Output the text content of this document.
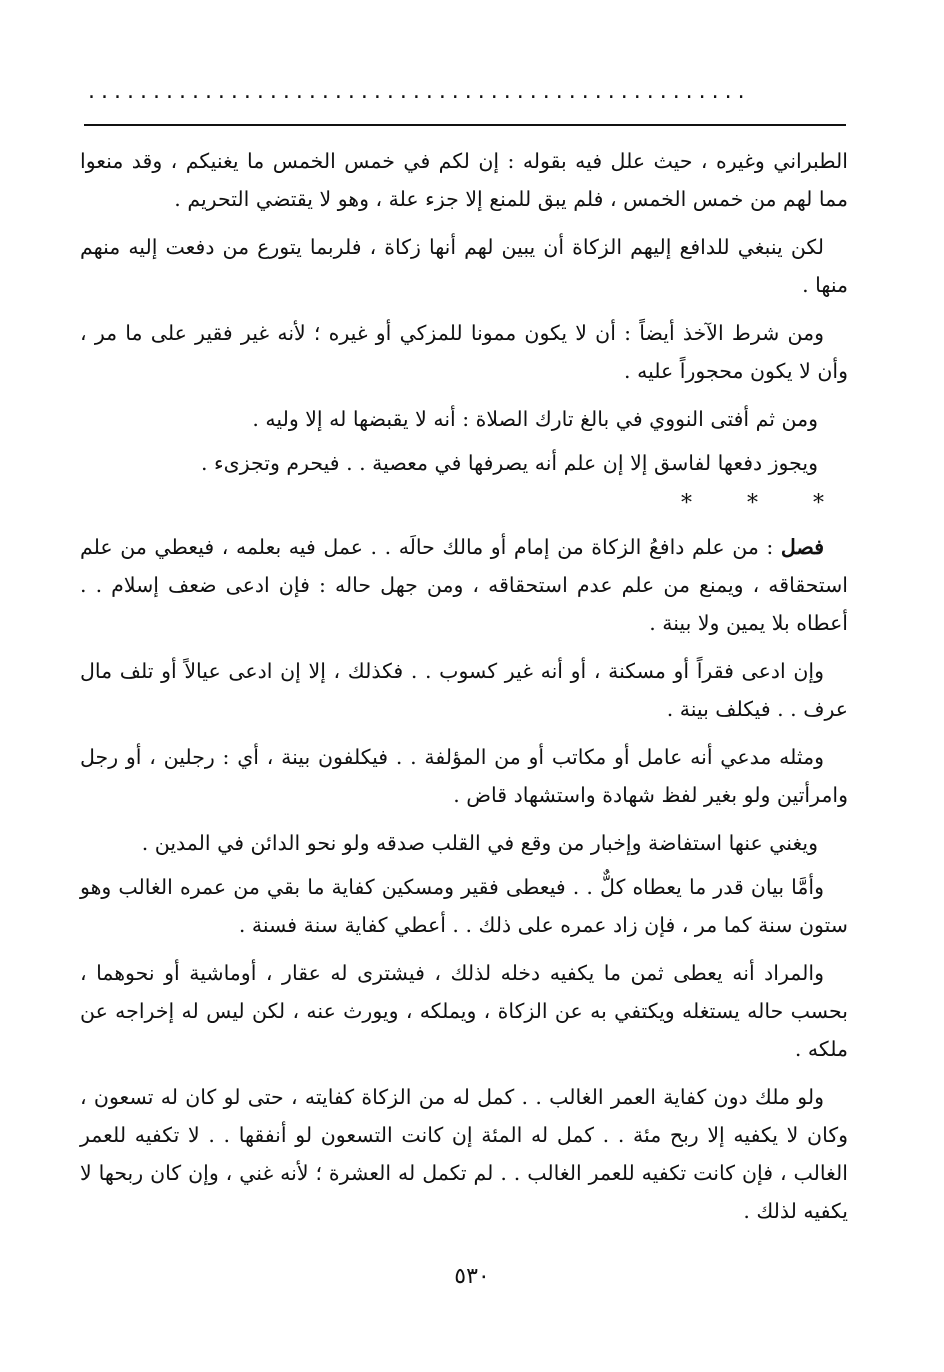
...................................................

الطبراني وغيره ، حيث علل فيه بقوله : إن لكم في خمس الخمس ما يغنيكم ، وقد منعوا مما لهم من خمس الخمس ، فلم يبق للمنع إلا جزء علة ، وهو لا يقتضي التحريم .

لكن ينبغي للدافع إليهم الزكاة أن يبين لهم أنها زكاة ، فلربما يتورع من دفعت إليه منهم منها .

ومن شرط الآخذ أيضاً : أن لا يكون ممونا للمزكي أو غيره ؛ لأنه غير فقير على ما مر ، وأن لا يكون محجوراً عليه .

ومن ثم أفتى النووي في بالغ تارك الصلاة : أنه لا يقبضها له إلا وليه .

ويجوز دفعها لفاسق إلا إن علم أنه يصرفها في معصية . . فيحرم وتجزىء .

* * *

فصل : من علم دافعُ الزكاة من إمام أو مالك حالَه . . عمل فيه بعلمه ، فيعطي من علم استحقاقه ، ويمنع من علم عدم استحقاقه ، ومن جهل حاله : فإن ادعى ضعف إسلام . . أعطاه بلا يمين ولا بينة .

وإن ادعى فقراً أو مسكنة ، أو أنه غير كسوب . . فكذلك ، إلا إن ادعى عيالاً أو تلف مال عرف . . فيكلف بينة .

ومثله مدعي أنه عامل أو مكاتب أو من المؤلفة . . فيكلفون بينة ، أي : رجلين ، أو رجل وامرأتين ولو بغير لفظ شهادة واستشهاد قاض .

ويغني عنها استفاضة وإخبار من وقع في القلب صدقه ولو نحو الدائن في المدين .

وأمَّا بيان قدر ما يعطاه كلٌّ . . فيعطى فقير ومسكين كفاية ما بقي من عمره الغالب وهو ستون سنة كما مر ، فإن زاد عمره على ذلك . . أعطي كفاية سنة فسنة .

والمراد أنه يعطى ثمن ما يكفيه دخله لذلك ، فيشترى له عقار ، أوماشية أو نحوهما ، بحسب حاله يستغله ويكتفي به عن الزكاة ، ويملكه ، ويورث عنه ، لكن ليس له إخراجه عن ملكه .

ولو ملك دون كفاية العمر الغالب . . كمل له من الزكاة كفايته ، حتى لو كان له تسعون ، وكان لا يكفيه إلا ربح مئة . . كمل له المئة إن كانت التسعون لو أنفقها . . لا تكفيه للعمر الغالب ، فإن كانت تكفيه للعمر الغالب . . لم تكمل له العشرة ؛ لأنه غني ، وإن كان ربحها لا يكفيه لذلك .

٥٣٠
